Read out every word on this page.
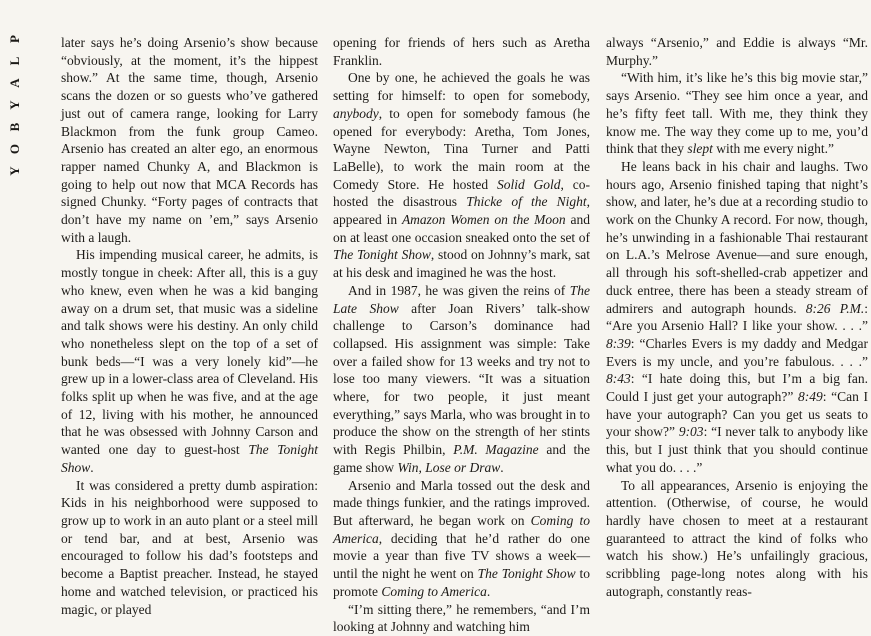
P
L
A
Y
B
O
Y

later says he’s doing Arsenio’s show because “obviously, at the moment, it’s the hippest show.” At the same time, though, Arsenio scans the dozen or so guests who’ve gathered just out of camera range, looking for Larry Blackmon from the funk group Cameo. Arsenio has created an alter ego, an enormous rapper named Chunky A, and Blackmon is going to help out now that MCA Records has signed Chunky. “Forty pages of contracts that don’t have my name on ’em,” says Arsenio with a laugh.

His impending musical career, he admits, is mostly tongue in cheek: After all, this is a guy who knew, even when he was a kid banging away on a drum set, that music was a sideline and talk shows were his destiny. An only child who nonetheless slept on the top of a set of bunk beds—“I was a very lonely kid”—he grew up in a lower-class area of Cleveland. His folks split up when he was five, and at the age of 12, living with his mother, he announced that he was obsessed with Johnny Carson and wanted one day to guest-host The Tonight Show.

It was considered a pretty dumb aspiration: Kids in his neighborhood were supposed to grow up to work in an auto plant or a steel mill or tend bar, and at best, Arsenio was encouraged to follow his dad’s footsteps and become a Baptist preacher. Instead, he stayed home and watched television, or practiced his magic, or played

opening for friends of hers such as Aretha Franklin.

One by one, he achieved the goals he was setting for himself: to open for somebody, anybody, to open for somebody famous (he opened for everybody: Aretha, Tom Jones, Wayne Newton, Tina Turner and Patti LaBelle), to work the main room at the Comedy Store. He hosted Solid Gold, co-hosted the disastrous Thicke of the Night, appeared in Amazon Women on the Moon and on at least one occasion sneaked onto the set of The Tonight Show, stood on Johnny’s mark, sat at his desk and imagined he was the host.

And in 1987, he was given the reins of The Late Show after Joan Rivers’ talk-show challenge to Carson’s dominance had collapsed. His assignment was simple: Take over a failed show for 13 weeks and try not to lose too many viewers. “It was a situation where, for two people, it just meant everything,” says Marla, who was brought in to produce the show on the strength of her stints with Regis Philbin, P.M. Magazine and the game show Win, Lose or Draw.

Arsenio and Marla tossed out the desk and made things funkier, and the ratings improved. But afterward, he began work on Coming to America, deciding that he’d rather do one movie a year than five TV shows a week—until the night he went on The Tonight Show to promote Coming to America.

“I’m sitting there,” he remembers, “and I’m looking at Johnny and watching him

always “Arsenio,” and Eddie is always “Mr. Murphy.”

“With him, it’s like he’s this big movie star,” says Arsenio. “They see him once a year, and he’s fifty feet tall. With me, they think they know me. The way they come up to me, you’d think that they slept with me every night.”

He leans back in his chair and laughs. Two hours ago, Arsenio finished taping that night’s show, and later, he’s due at a recording studio to work on the Chunky A record. For now, though, he’s unwinding in a fashionable Thai restaurant on L.A.’s Melrose Avenue—and sure enough, all through his soft-shelled-crab appetizer and duck entree, there has been a steady stream of admirers and autograph hounds. 8:26 P.M.: “Are you Arsenio Hall? I like your show. . . .” 8:39: “Charles Evers is my daddy and Medgar Evers is my uncle, and you’re fabulous. . . .” 8:43: “I hate doing this, but I’m a big fan. Could I just get your autograph?” 8:49: “Can I have your autograph? Can you get us seats to your show?” 9:03: “I never talk to anybody like this, but I just think that you should continue what you do. . . .”

To all appearances, Arsenio is enjoying the attention. (Otherwise, of course, he would hardly have chosen to meet at a restaurant guaranteed to attract the kind of folks who watch his show.) He’s unfailingly gracious, scribbling page-long notes along with his autograph, constantly reas-
